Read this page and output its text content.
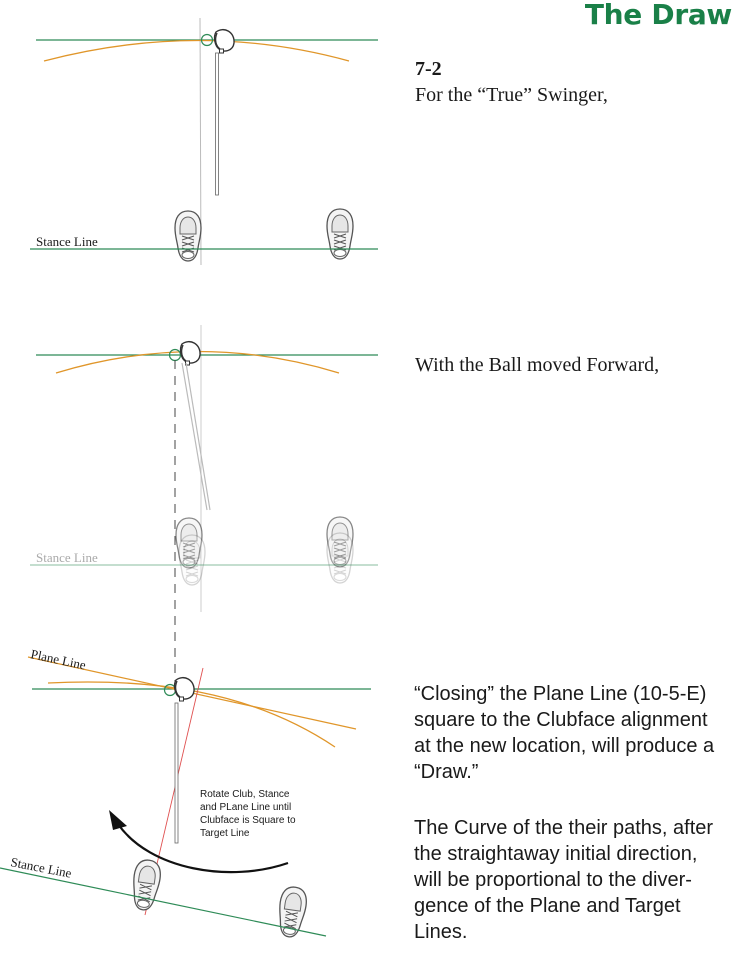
The Draw
7-2
For the “True” Swinger,
With the Ball moved Forward,
“Closing” the Plane Line (10-5-E)
square to the Clubface alignment
at the new location, will produce a
“Draw.”
The Curve of the their paths, after
the straightaway initial direction,
will be proportional to the diver-
gence of the Plane and Target
Lines.
Stance Line
Stance Line
Plane Line
Rotate Club, Stance and PLane Line until Clubface is Square to Target Line
Stance Line
